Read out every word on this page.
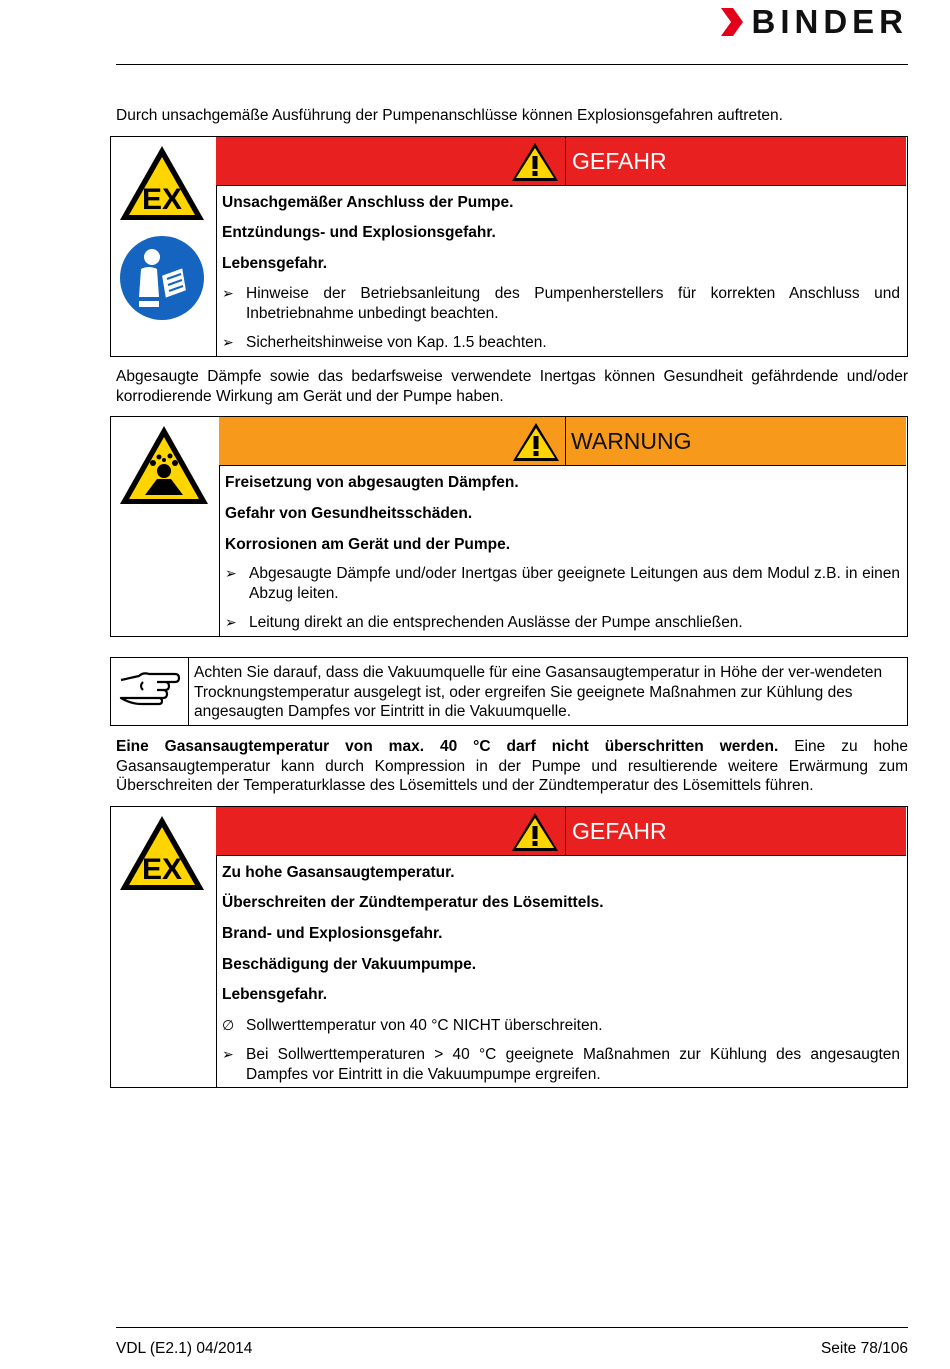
BINDER

Durch unsachgemäße Ausführung der Pumpenanschlüsse können Explosionsgefahren auftreten.

EX
GEFAHR
Unsachgemäßer Anschluss der Pumpe.
Entzündungs- und Explosionsgefahr.
Lebensgefahr.
➢ Hinweise der Betriebsanleitung des Pumpenherstellers für korrekten Anschluss und Inbetriebnahme unbedingt beachten.
➢ Sicherheitshinweise von Kap. 1.5 beachten.

Abgesaugte Dämpfe sowie das bedarfsweise verwendete Inertgas können Gesundheit gefährdende und/oder korrodierende Wirkung am Gerät und der Pumpe haben.

WARNUNG
Freisetzung von abgesaugten Dämpfen.
Gefahr von Gesundheitsschäden.
Korrosionen am Gerät und der Pumpe.
➢ Abgesaugte Dämpfe und/oder Inertgas über geeignete Leitungen aus dem Modul z.B. in einen Abzug leiten.
➢ Leitung direkt an die entsprechenden Auslässe der Pumpe anschließen.
Achten Sie darauf, dass die Vakuumquelle für eine Gasansaugtemperatur in Höhe der ver-wendeten Trocknungstemperatur ausgelegt ist, oder ergreifen Sie geeignete Maßnahmen zur Kühlung des angesaugten Dampfes vor Eintritt in die Vakuumquelle.

Eine Gasansaugtemperatur von max. 40 °C darf nicht überschritten werden. Eine zu hohe Gasansaugtemperatur kann durch Kompression in der Pumpe und resultierende weitere Erwärmung zum Überschreiten der Temperaturklasse des Lösemittels und der Zündtemperatur des Lösemittels führen.

EX
GEFAHR
Zu hohe Gasansaugtemperatur.
Überschreiten der Zündtemperatur des Lösemittels.
Brand- und Explosionsgefahr.
Beschädigung der Vakuumpumpe.
Lebensgefahr.
∅ Sollwerttemperatur von 40 °C NICHT überschreiten.
➢ Bei Sollwerttemperaturen > 40 °C geeignete Maßnahmen zur Kühlung des angesaugten Dampfes vor Eintritt in die Vakuumpumpe ergreifen.
VDL (E2.1) 04/2014	Seite 78/106
